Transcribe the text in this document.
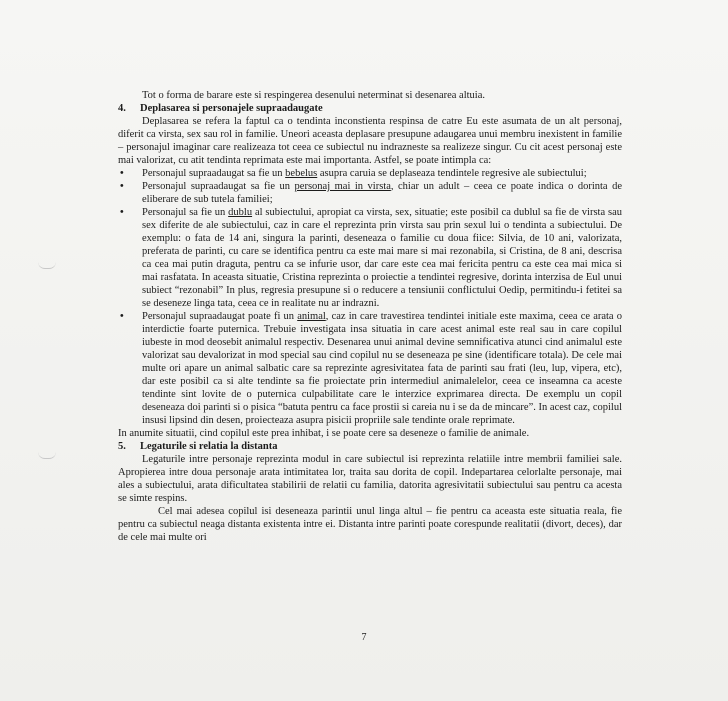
Tot o forma de barare este si respingerea desenului neterminat si desenarea altuia.

4. Deplasarea si personajele supraadaugate

Deplasarea se refera la faptul ca o tendinta inconstienta respinsa de catre Eu este asumata de un alt personaj, diferit ca virsta, sex sau rol in familie. Uneori aceasta deplasare presupune adaugarea unui membru inexistent in familie – personajul imaginar care realizeaza tot ceea ce subiectul nu indrazneste sa realizeze singur. Cu cit acest personaj este mai valorizat, cu atit tendinta reprimata este mai importanta. Astfel, se poate intimpla ca:

• Personajul supraadaugat sa fie un bebelus asupra caruia se deplaseaza tendintele regresive ale subiectului;
• Personajul supraadaugat sa fie un personaj mai in virsta, chiar un adult – ceea ce poate indica o dorinta de eliberare de sub tutela familiei;
• Personajul sa fie un dublu al subiectului, apropiat ca virsta, sex, situatie; este posibil ca dublul sa fie de virsta sau sex diferite de ale subiectului, caz in care el reprezinta prin virsta sau prin sexul lui o tendinta a subiectului. De exemplu: o fata de 14 ani, singura la parinti, deseneaza o familie cu doua fiice: Silvia, de 10 ani, valorizata, preferata de parinti, cu care se identifica pentru ca este mai mare si mai rezonabila, si Cristina, de 8 ani, descrisa ca cea mai putin draguta, pentru ca se infurie usor, dar care este cea mai fericita pentru ca este cea mai mica si mai rasfatata. In aceasta situatie, Cristina reprezinta o proiectie a tendintei regresive, dorinta interzisa de Eul unui subiect “rezonabil” In plus, regresia presupune si o reducere a tensiunii conflictului Oedip, permitindu-i fetitei sa se deseneze linga tata, ceea ce in realitate nu ar indrazni.
• Personajul supraadaugat poate fi un animal, caz in care travestirea tendintei initiale este maxima, ceea ce arata o interdictie foarte puternica. Trebuie investigata insa situatia in care acest animal este real sau in care copilul iubeste in mod deosebit animalul respectiv. Desenarea unui animal devine semnificativa atunci cind animalul este valorizat sau devalorizat in mod special sau cind copilul nu se deseneaza pe sine (identificare totala). De cele mai multe ori apare un animal salbatic care sa reprezinte agresivitatea fata de parinti sau frati (leu, lup, vipera, etc), dar este posibil ca si alte tendinte sa fie proiectate prin intermediul animalelelor, ceea ce inseamna ca aceste tendinte sint lovite de o puternica culpabilitate care le interzice exprimarea directa. De exemplu un copil deseneaza doi parinti si o pisica “batuta pentru ca face prostii si careia nu i se da de mincare”. In acest caz, copilul insusi lipsind din desen, proiecteaza asupra pisicii propriile sale tendinte orale reprimate.

In anumite situatii, cind copilul este prea inhibat, i se poate cere sa deseneze o familie de animale.

5. Legaturile si relatia la distanta

Legaturile intre personaje reprezinta modul in care subiectul isi reprezinta relatiile intre membrii familiei sale. Apropierea intre doua personaje arata intimitatea lor, traita sau dorita de copil. Indepartarea celorlalte personaje, mai ales a subiectului, arata dificultatea stabilirii de relatii cu familia, datorita agresivitatii subiectului sau pentru ca acesta se simte respins.

Cel mai adesea copilul isi deseneaza parintii unul linga altul – fie pentru ca aceasta este situatia reala, fie pentru ca subiectul neaga distanta existenta intre ei. Distanta intre parinti poate corespunde realitatii (divort, deces), dar de cele mai multe ori

7
